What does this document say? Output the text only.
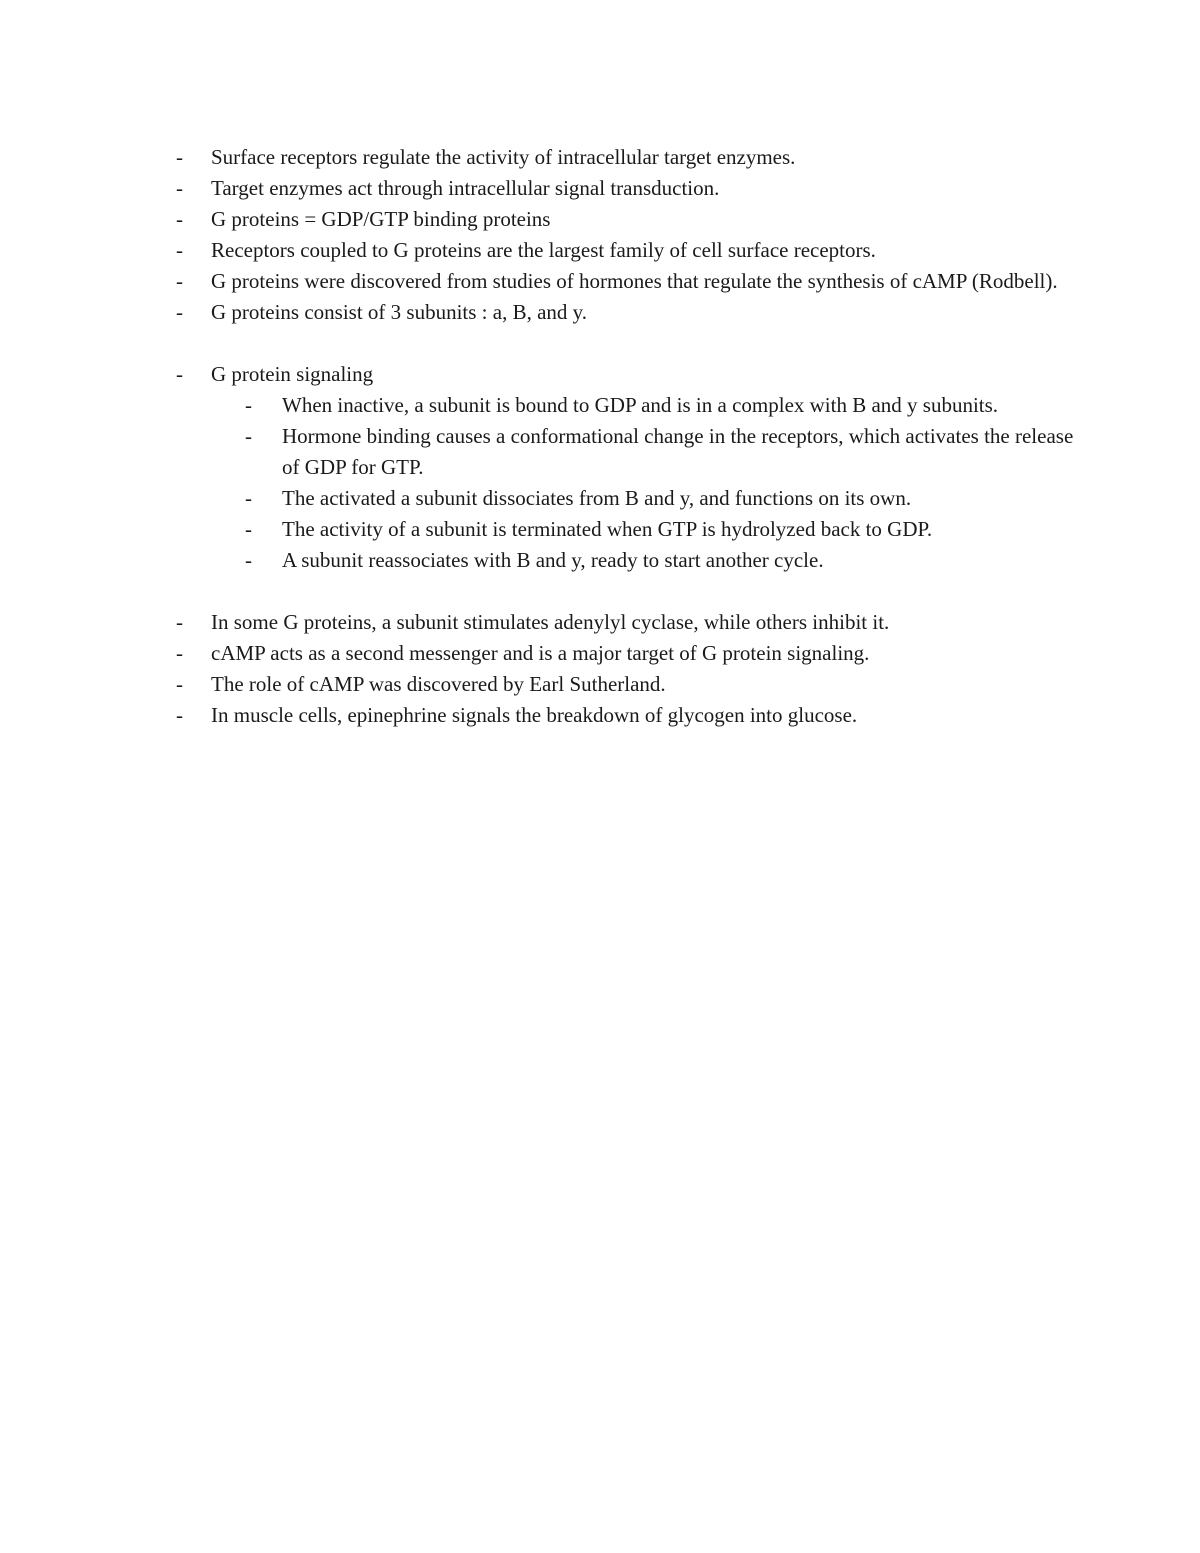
- Surface receptors regulate the activity of intracellular target enzymes.
- Target enzymes act through intracellular signal transduction.
- G proteins = GDP/GTP binding proteins
- Receptors coupled to G proteins are the largest family of cell surface receptors.
- G proteins were discovered from studies of hormones that regulate the synthesis of cAMP (Rodbell).
- G proteins consist of 3 subunits : a, B, and y.
- G protein signaling
- When inactive, a subunit is bound to GDP and is in a complex with B and y subunits.
- Hormone binding causes a conformational change in the receptors, which activates the release of GDP for GTP.
- The activated a subunit dissociates from B and y, and functions on its own.
- The activity of a subunit is terminated when GTP is hydrolyzed back to GDP.
- A subunit reassociates with B and y, ready to start another cycle.
- In some G proteins, a subunit stimulates adenylyl cyclase, while others inhibit it.
- cAMP acts as a second messenger and is a major target of G protein signaling.
- The role of cAMP was discovered by Earl Sutherland.
- In muscle cells, epinephrine signals the breakdown of glycogen into glucose.
